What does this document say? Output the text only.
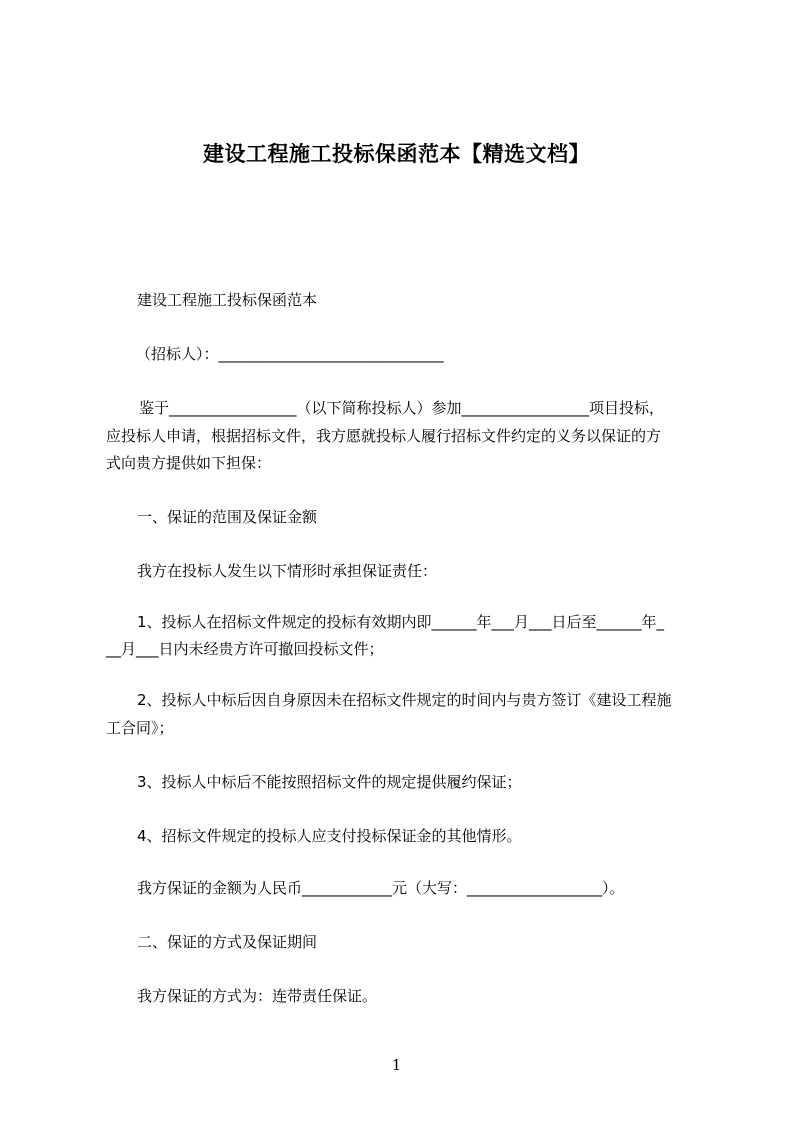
建设工程施工投标保函范本【精选文档】
建设工程施工投标保函范本
（招标人）：______________________________
鉴于_________________（以下简称投标人）参加_________________项目投标，
应投标人申请，根据招标文件，我方愿就投标人履行招标文件约定的义务以保证的方
式向贵方提供如下担保：
一、保证的范围及保证金额
我方在投标人发生以下情形时承担保证责任：
1、投标人在招标文件规定的投标有效期内即______年___月___日后至______年_
__月___日内未经贵方许可撤回投标文件；
2、投标人中标后因自身原因未在招标文件规定的时间内与贵方签订《建设工程施
工合同》；
3、投标人中标后不能按照招标文件的规定提供履约保证；
4、招标文件规定的投标人应支付投标保证金的其他情形。
我方保证的金额为人民币____________元（大写：__________________）。
二、保证的方式及保证期间
我方保证的方式为：连带责任保证。
1
